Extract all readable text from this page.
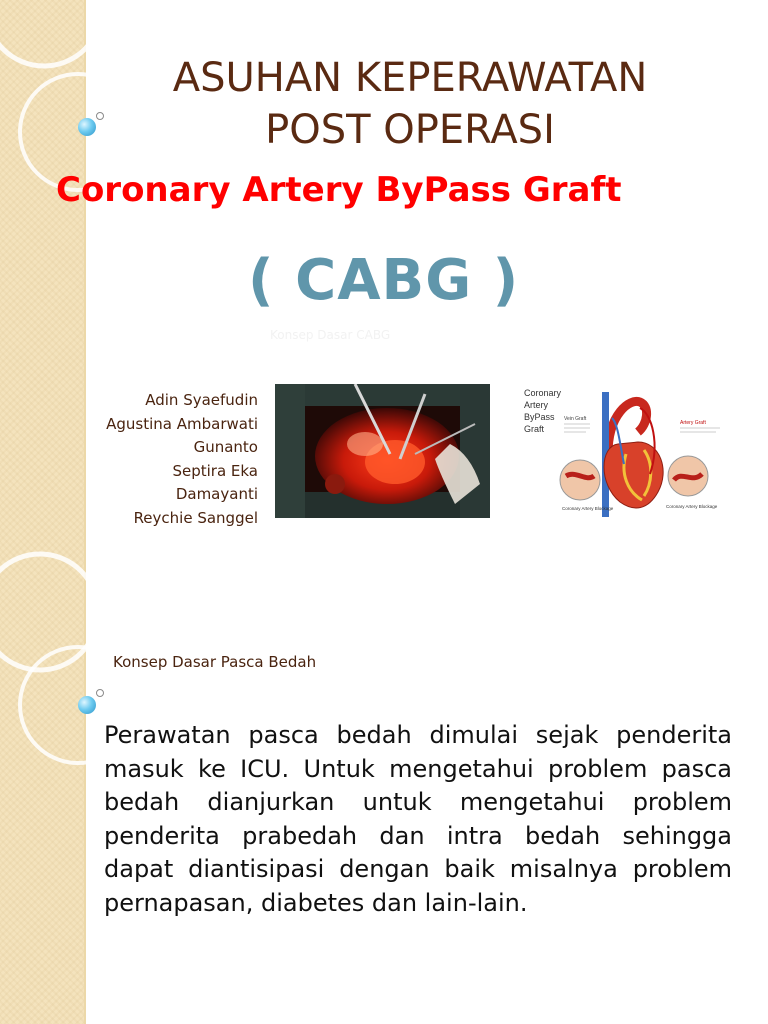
ASUHAN KEPERAWATAN
POST OPERASI
Coronary Artery ByPass Graft
( CABG )
Konsep Dasar CABG
Adin Syaefudin
Agustina Ambarwati
Gunanto
Septira Eka
Damayanti
Reychie Sanggel
Coronary
Artery
ByPass
Graft
Vein Graft
Artery Graft
Coronary Artery Blockage	Coronary Artery Blockage
Konsep Dasar Pasca Bedah
Perawatan pasca bedah dimulai sejak penderita masuk ke ICU. Untuk mengetahui problem pasca bedah dianjurkan untuk mengetahui problem penderita prabedah dan intra bedah sehingga dapat diantisipasi dengan baik misalnya problem pernapasan, diabetes dan lain-lain.
